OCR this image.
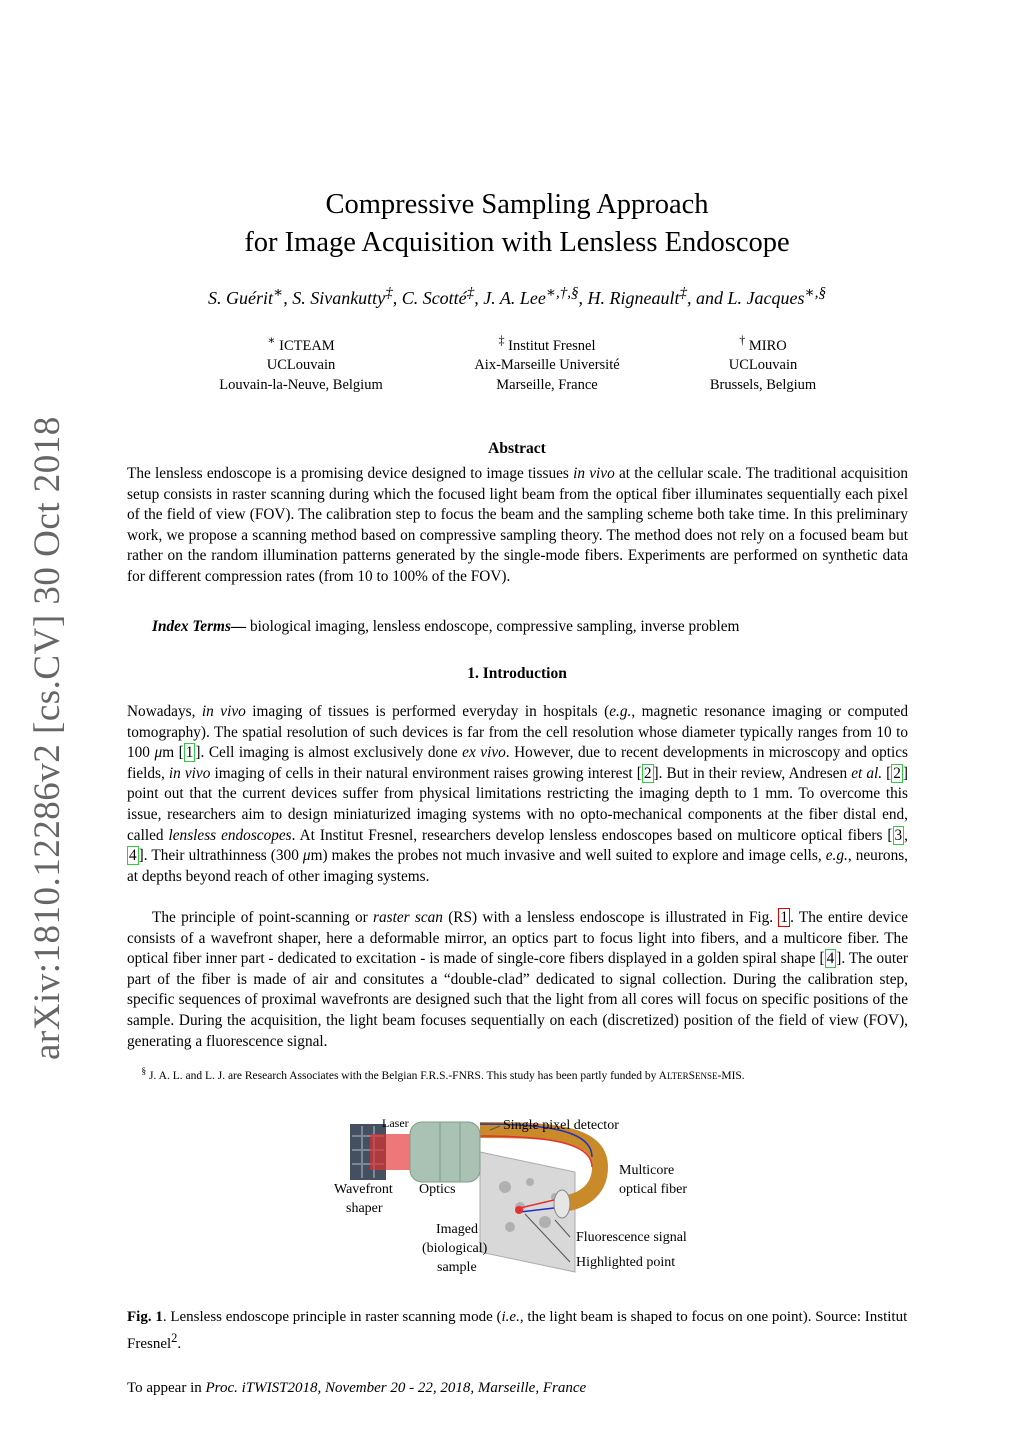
arXiv:1810.12286v2 [cs.CV] 30 Oct 2018
Compressive Sampling Approach
for Image Acquisition with Lensless Endoscope
S. Guérit∗, S. Sivankutty‡, C. Scotté‡, J. A. Lee∗,†,§, H. Rigneault‡, and L. Jacques∗,§
∗ ICTEAM
UCLouvain
Louvain-la-Neuve, Belgium
‡ Institut Fresnel
Aix-Marseille Université
Marseille, France
† MIRO
UCLouvain
Brussels, Belgium
Abstract
The lensless endoscope is a promising device designed to image tissues in vivo at the cellular scale. The traditional acquisition setup consists in raster scanning during which the focused light beam from the optical fiber illuminates sequentially each pixel of the field of view (FOV). The calibration step to focus the beam and the sampling scheme both take time. In this preliminary work, we propose a scanning method based on compressive sampling theory. The method does not rely on a focused beam but rather on the random illumination patterns generated by the single-mode fibers. Experiments are performed on synthetic data for different compression rates (from 10 to 100% of the FOV).
Index Terms— biological imaging, lensless endoscope, compressive sampling, inverse problem
1. Introduction
Nowadays, in vivo imaging of tissues is performed everyday in hospitals (e.g., magnetic resonance imaging or computed tomography). The spatial resolution of such devices is far from the cell resolution whose diameter typically ranges from 10 to 100 μm [ 1 ]. Cell imaging is almost exclusively done ex vivo. However, due to recent developments in microscopy and optics fields, in vivo imaging of cells in their natural environment raises growing interest [ 2 ]. But in their review, Andresen et al. [ 2 ] point out that the current devices suffer from physical limitations restricting the imaging depth to 1 mm. To overcome this issue, researchers aim to design miniaturized imaging systems with no opto-mechanical components at the fiber distal end, called lensless endoscopes. At Institut Fresnel, researchers develop lensless endoscopes based on multicore optical fibers [ 3 , 4 ]. Their ultrathinness (300 μm) makes the probes not much invasive and well suited to explore and image cells, e.g., neurons, at depths beyond reach of other imaging systems.
The principle of point-scanning or raster scan (RS) with a lensless endoscope is illustrated in Fig. 1 . The entire device consists of a wavefront shaper, here a deformable mirror, an optics part to focus light into fibers, and a multicore fiber. The optical fiber inner part - dedicated to excitation - is made of single-core fibers displayed in a golden spiral shape [ 4 ]. The outer part of the fiber is made of air and consitutes a “double-clad” dedicated to signal collection. During the calibration step, specific sequences of proximal wavefronts are designed such that the light from all cores will focus on specific positions of the sample. During the acquisition, the light beam focuses sequentially on each (discretized) position of the field of view (FOV), generating a fluorescence signal.
§ J. A. L. and L. J. are Research Associates with the Belgian F.R.S.-FNRS. This study has been partly funded by ALTERSENSE-MIS.
Laser	Single pixel detector
Multicore
optical fiber
Wavefront
shaper
Optics
Imaged
(biological)
sample
Fluorescence signal
Highlighted point
Fig. 1. Lensless endoscope principle in raster scanning mode (i.e., the light beam is shaped to focus on one point). Source: Institut Fresnel$^2$.
To appear in Proc. iTWIST2018, November 20 - 22, 2018, Marseille, France
